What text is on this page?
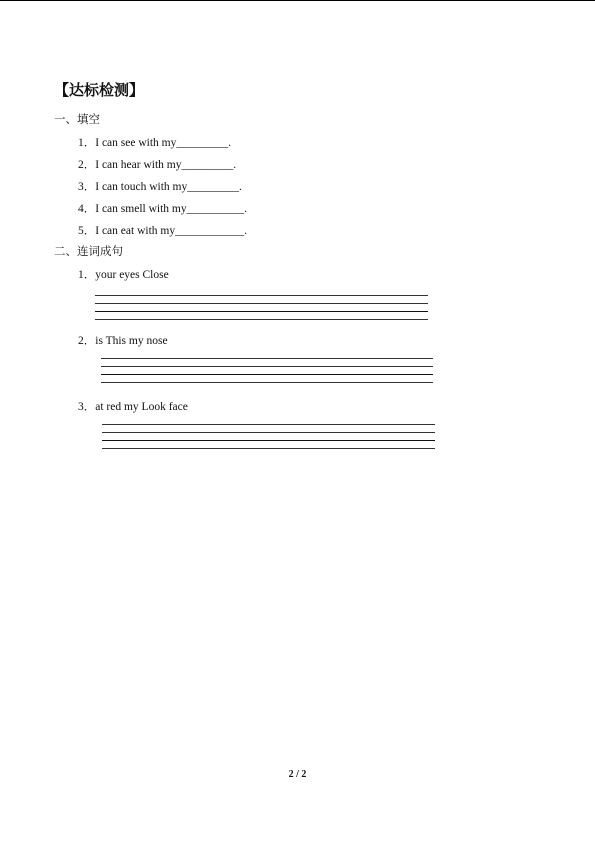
【达标检测】
一、填空
1．I can see with my_________.
2．I can hear with my_________.
3．I can touch with my_________.
4．I can smell with my__________.
5．I can eat with my____________.
二、连词成句
1．your eyes Close
2．is This my nose
3．at red my Look face
2 / 2
